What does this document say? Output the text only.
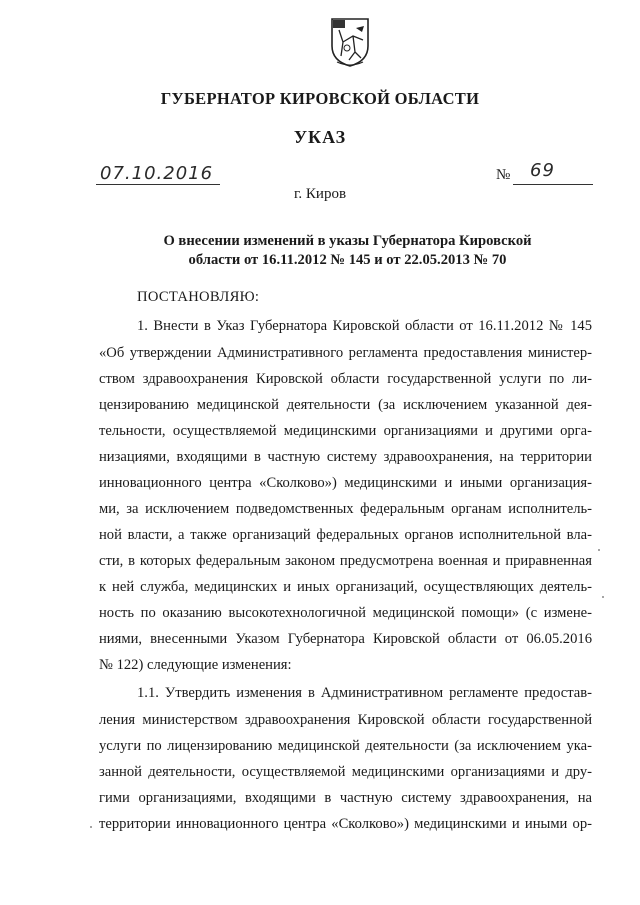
ГУБЕРНАТОР КИРОВСКОЙ ОБЛАСТИ
УКАЗ
07.10.2016	№ 69
г. Киров
О внесении изменений в указы Губернатора Кировской
области от 16.11.2012 № 145 и от 22.05.2013 № 70
ПОСТАНОВЛЯЮ:
1. Внести в Указ Губернатора Кировской области от 16.11.2012 № 145
«Об утверждении Административного регламента предоставления министер-
ством здравоохранения Кировской области государственной услуги по ли-
цензированию медицинской деятельности (за исключением указанной дея-
тельности, осуществляемой медицинскими организациями и другими орга-
низациями, входящими в частную систему здравоохранения, на территории
инновационного центра «Сколково») медицинскими и иными организация-
ми, за исключением подведомственных федеральным органам исполнитель-
ной власти, а также организаций федеральных органов исполнительной вла-
сти, в которых федеральным законом предусмотрена военная и приравненная
к ней служба, медицинских и иных организаций, осуществляющих деятель-
ность по оказанию высокотехнологичной медицинской помощи» (с измене-
ниями, внесенными Указом Губернатора Кировской области от 06.05.2016
№ 122) следующие изменения:
1.1. Утвердить изменения в Административном регламенте предостав-
ления министерством здравоохранения Кировской области государственной
услуги по лицензированию медицинской деятельности (за исключением ука-
занной деятельности, осуществляемой медицинскими организациями и дру-
гими организациями, входящими в частную систему здравоохранения, на
территории инновационного центра «Сколково») медицинскими и иными ор-
